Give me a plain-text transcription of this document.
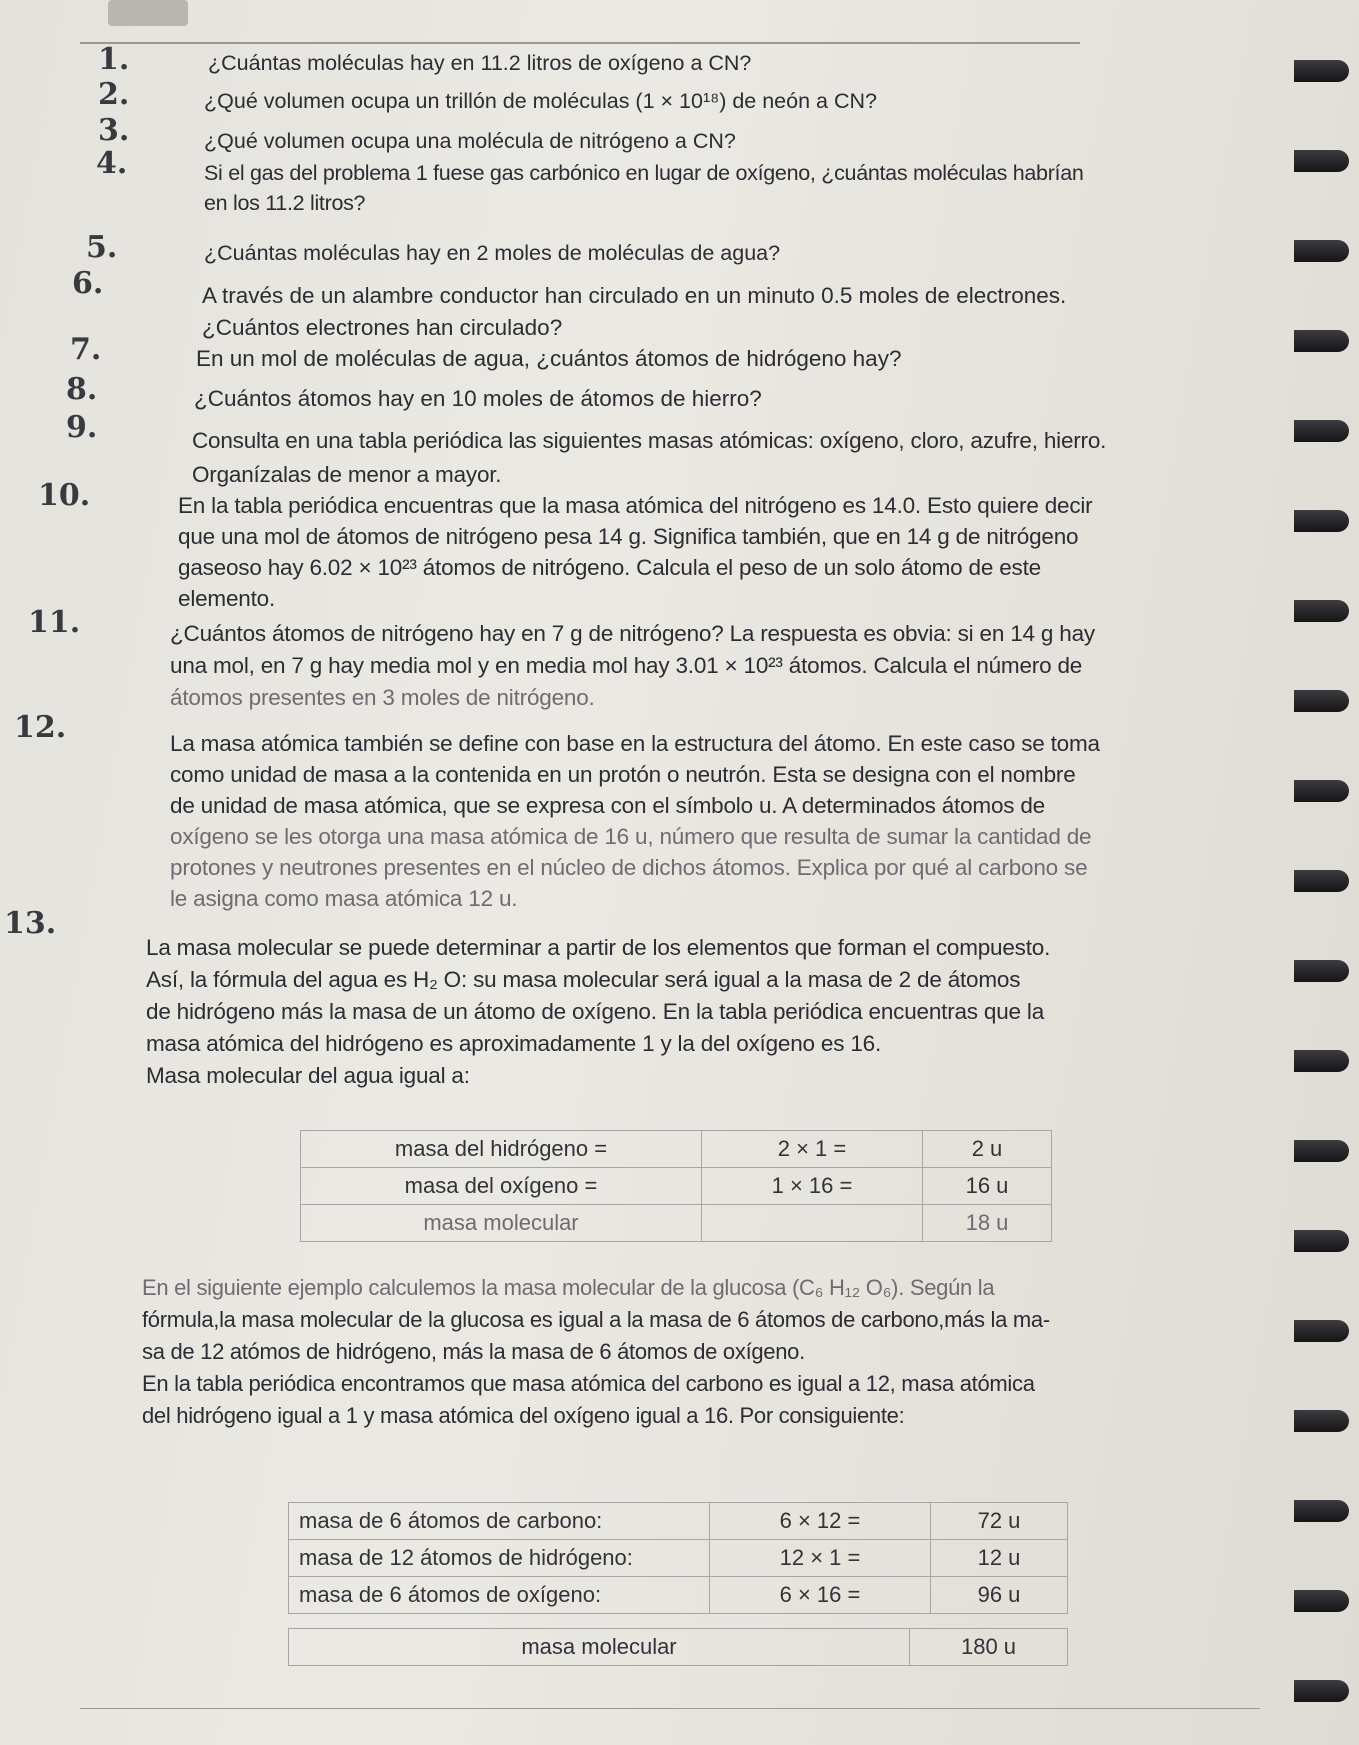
1.
2.
3.
4.
5.
6.
7.
8.
9.
10.
11.
12.
13.

¿Cuántas moléculas hay en 11.2 litros de oxígeno a CN?

¿Qué volumen ocupa un trillón de moléculas (1 × 10¹⁸) de neón a CN?

¿Qué volumen ocupa una molécula de nitrógeno a CN?

Si el gas del problema 1 fuese gas carbónico en lugar de oxígeno, ¿cuántas moléculas habrían

en los 11.2 litros?

¿Cuántas moléculas hay en 2 moles de moléculas de agua?

A través de un alambre conductor han circulado en un minuto 0.5 moles de electrones.

¿Cuántos electrones han circulado?

En un mol de moléculas de agua, ¿cuántos átomos de hidrógeno hay?

¿Cuántos átomos hay en 10 moles de átomos de hierro?

Consulta en una tabla periódica las siguientes masas atómicas: oxígeno, cloro, azufre, hierro.

Organízalas de menor a mayor.

En la tabla periódica encuentras que la masa atómica del nitrógeno es 14.0. Esto quiere decir

que una mol de átomos de nitrógeno pesa 14 g. Significa también, que en 14 g de nitrógeno

gaseoso hay 6.02 × 10²³ átomos de nitrógeno. Calcula el peso de un solo átomo de este

elemento.

¿Cuántos átomos de nitrógeno hay en 7 g de nitrógeno? La respuesta es obvia: si en 14 g hay

una mol, en 7 g hay media mol y en media mol hay 3.01 × 10²³ átomos. Calcula el número de

átomos presentes en 3 moles de nitrógeno.

La masa atómica también se define con base en la estructura del átomo. En este caso se toma

como unidad de masa a la contenida en un protón o neutrón. Esta se designa con el nombre

de unidad de masa atómica, que se expresa con el símbolo u. A determinados átomos de

oxígeno se les otorga una masa atómica de 16 u, número que resulta de sumar la cantidad de

protones y neutrones presentes en el núcleo de dichos átomos. Explica por qué al carbono se

le asigna como masa atómica 12 u.

La masa molecular se puede determinar a partir de los elementos que forman el compuesto.

Así, la fórmula del agua es H₂ O: su masa molecular será igual a la masa de 2 de átomos

de hidrógeno más la masa de un átomo de oxígeno. En la tabla periódica encuentras que la

masa atómica del hidrógeno es aproximadamente 1 y la del oxígeno es 16.

Masa molecular del agua igual a:

masa del hidrógeno =	2 × 1 =	2 u
masa del oxígeno =	1 × 16 =	16 u
masa molecular		18 u

En el siguiente ejemplo calculemos la masa molecular de la glucosa (C₆ H₁₂ O₆). Según la

fórmula,la masa molecular de la glucosa es igual a la masa de 6 átomos de carbono,más la ma-

sa de 12 atómos de hidrógeno, más la masa de 6 átomos de oxígeno.

En la tabla periódica encontramos que masa atómica del carbono es igual a 12, masa atómica

del hidrógeno igual a 1 y masa atómica del oxígeno igual a 16. Por consiguiente:

masa de 6 átomos de carbono:	6 × 12 =	72 u
masa de 12 átomos de hidrógeno:	12 × 1 =	12 u
masa de 6 átomos de oxígeno:	6 × 16 =	96 u
masa molecular	180 u
